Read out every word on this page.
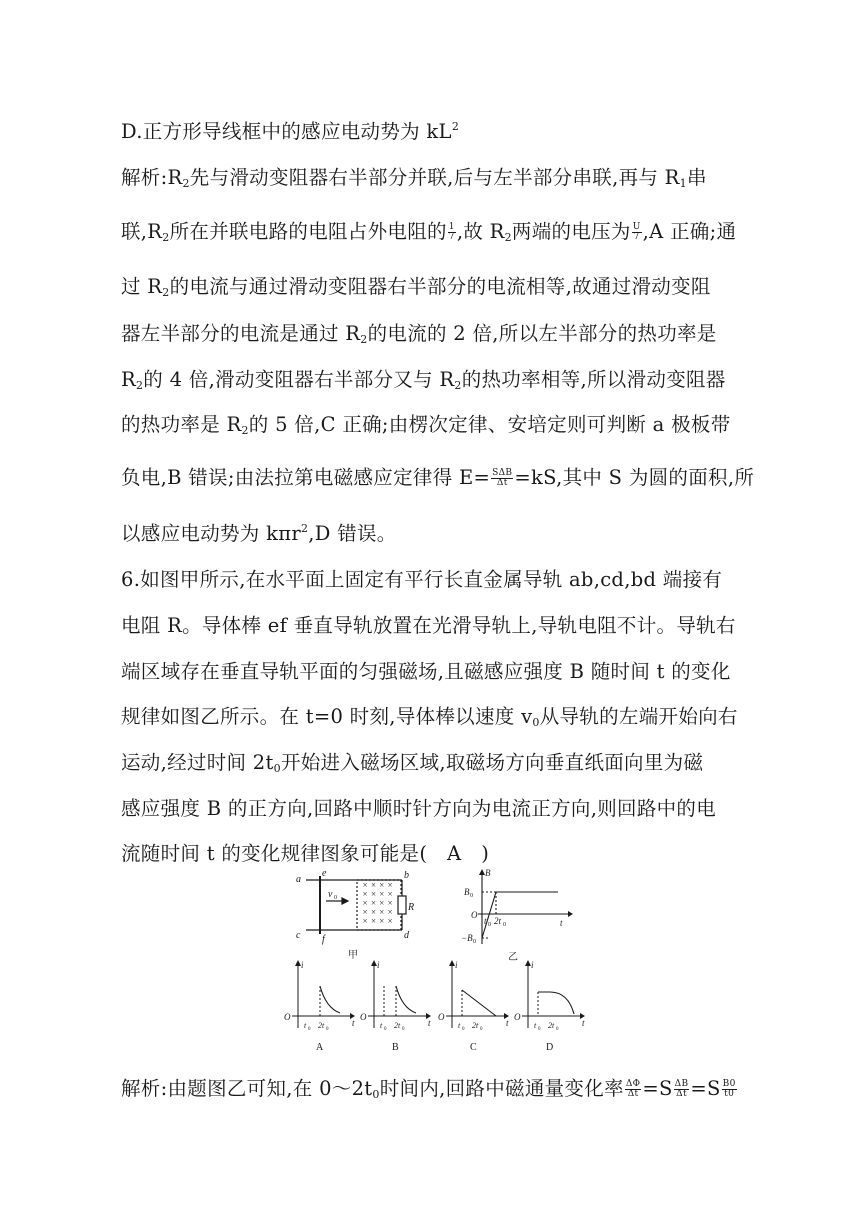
D.正方形导线框中的感应电动势为 $kL^2$
解析$:R_2$先与滑动变阻器右半部分并联,后与左半部分串联,再与 $R_1$串
联$,R_2$所在并联电路的电阻占外电阻的 $\frac{1}{7}$ ,故 $R_2$两端的电压为 $\frac{U}{7} ,A$ 正确;通
过 $R_2$的电流与通过滑动变阻器右半部分的电流相等,故通过滑动变阻
器左半部分的电流是通过 $R_2$的电流的 2 倍,所以左半部分的热功率是
$R_2$的 4 倍,滑动变阻器右半部分又与 $R_2$的热功率相等,所以滑动变阻器
的热功率是 $R_2$的 5 倍,C 正确;由楞次定律、安培定则可判断 a 极板带
负电,B 错误;由法拉第电磁感应定律得 $E= \frac{\text{SΔB}}{\Delta t} =kS$,其中 S 为圆的面积,所
以感应电动势为 kπr$^2$,D 错误。
6.如图甲所示,在水平面上固定有平行长直金属导轨 ab,cd,bd 端接有
电阻 R。导体棒 ef 垂直导轨放置在光滑导轨上,导轨电阻不计。导轨右
端区域存在垂直导轨平面的匀强磁场,且磁感应强度 B 随时间 t 的变化
规律如图乙所示。在 t=0 时刻,导体棒以速度 $v_0$从导轨的左端开始向右
运动,经过时间 $2t_0$开始进入磁场区域,取磁场方向垂直纸面向里为磁
感应强度 B 的正方向,回路中顺时针方向为电流正方向,则回路中的电
流随时间 t 的变化规律图象可能是(　A　)
× × × ×
× × × ×
× × × ×
× × × ×
× × × ×
a
e	b
c f	d
R
v 0
甲
B
B 0
−B 0
O
t 0 2t 0	t
乙
i
t
O
t 0 2t 0
A
i
t
O
t 0 2t 0
B
i
t
O
t 0 2t 0
C
i
t
O
t 0 2t 0
D
解析:由题图乙可知,在 $0\sim 2t_0$时间内,回路中磁通量变化率 $\frac{\Delta\Phi}{\Delta t} =S \frac{\Delta B}{\Delta t} =S \frac{B0}{t0}$
